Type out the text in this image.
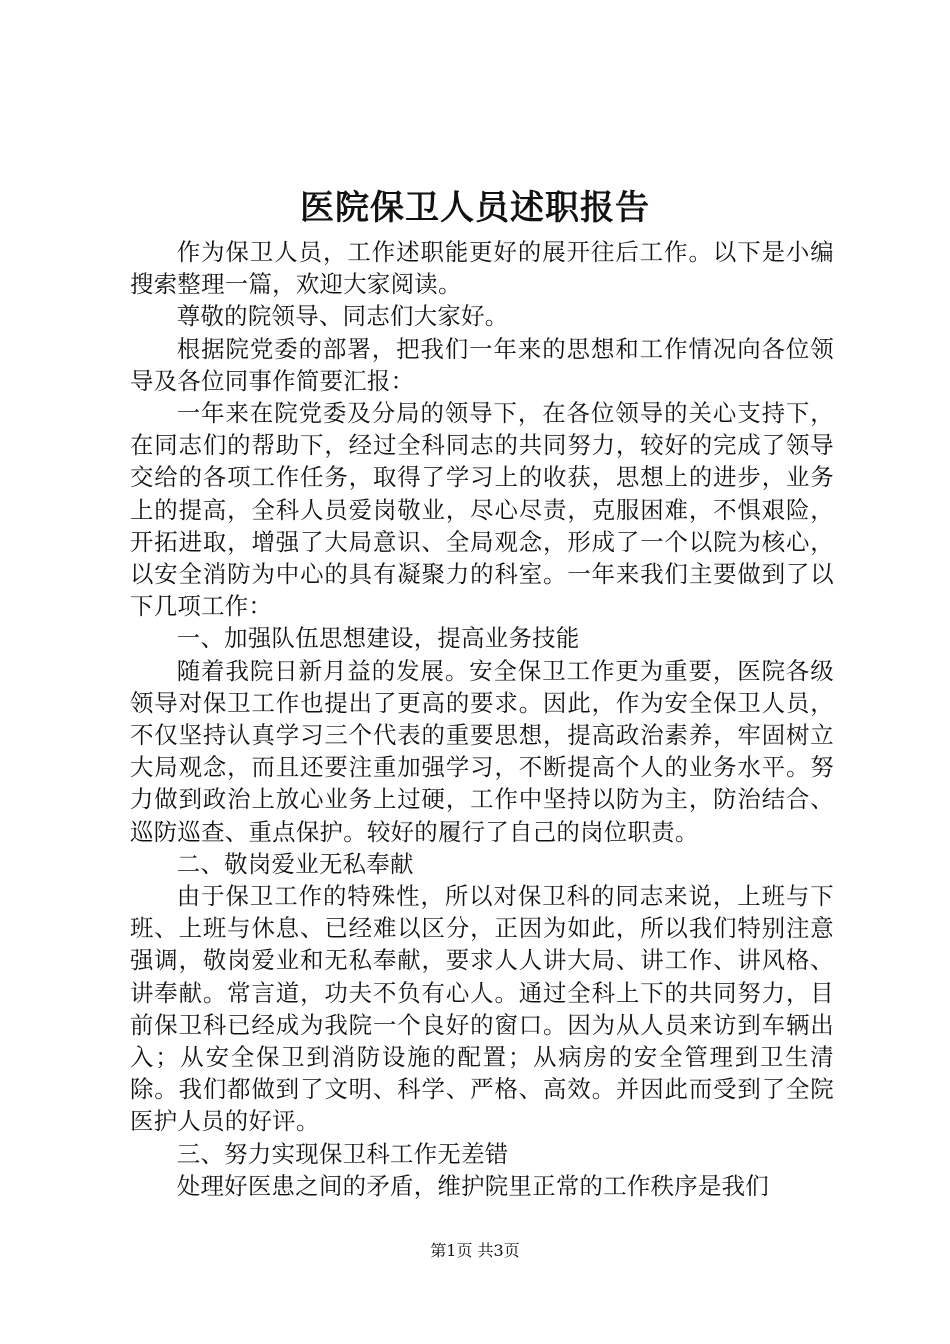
医院保卫人员述职报告

作为保卫人员，工作述职能更好的展开往后工作。以下是小编搜索整理一篇，欢迎大家阅读。

尊敬的院领导、同志们大家好。

根据院党委的部署，把我们一年来的思想和工作情况向各位领导及各位同事作简要汇报：

一年来在院党委及分局的领导下，在各位领导的关心支持下，在同志们的帮助下，经过全科同志的共同努力，较好的完成了领导交给的各项工作任务，取得了学习上的收获，思想上的进步，业务上的提高，全科人员爱岗敬业，尽心尽责，克服困难，不惧艰险，开拓进取，增强了大局意识、全局观念，形成了一个以院为核心，以安全消防为中心的具有凝聚力的科室。一年来我们主要做到了以下几项工作：

一、加强队伍思想建设，提高业务技能

随着我院日新月益的发展。安全保卫工作更为重要，医院各级领导对保卫工作也提出了更高的要求。因此，作为安全保卫人员，不仅坚持认真学习三个代表的重要思想，提高政治素养，牢固树立大局观念，而且还要注重加强学习，不断提高个人的业务水平。努力做到政治上放心业务上过硬，工作中坚持以防为主，防治结合、巡防巡查、重点保护。较好的履行了自己的岗位职责。

二、敬岗爱业无私奉献

由于保卫工作的特殊性，所以对保卫科的同志来说，上班与下班、上班与休息、已经难以区分，正因为如此，所以我们特别注意强调，敬岗爱业和无私奉献，要求人人讲大局、讲工作、讲风格、讲奉献。常言道，功夫不负有心人。通过全科上下的共同努力，目前保卫科已经成为我院一个良好的窗口。因为从人员来访到车辆出入；从安全保卫到消防设施的配置；从病房的安全管理到卫生清除。我们都做到了文明、科学、严格、高效。并因此而受到了全院医护人员的好评。

三、努力实现保卫科工作无差错

处理好医患之间的矛盾，维护院里正常的工作秩序是我们

第1页 共3页
